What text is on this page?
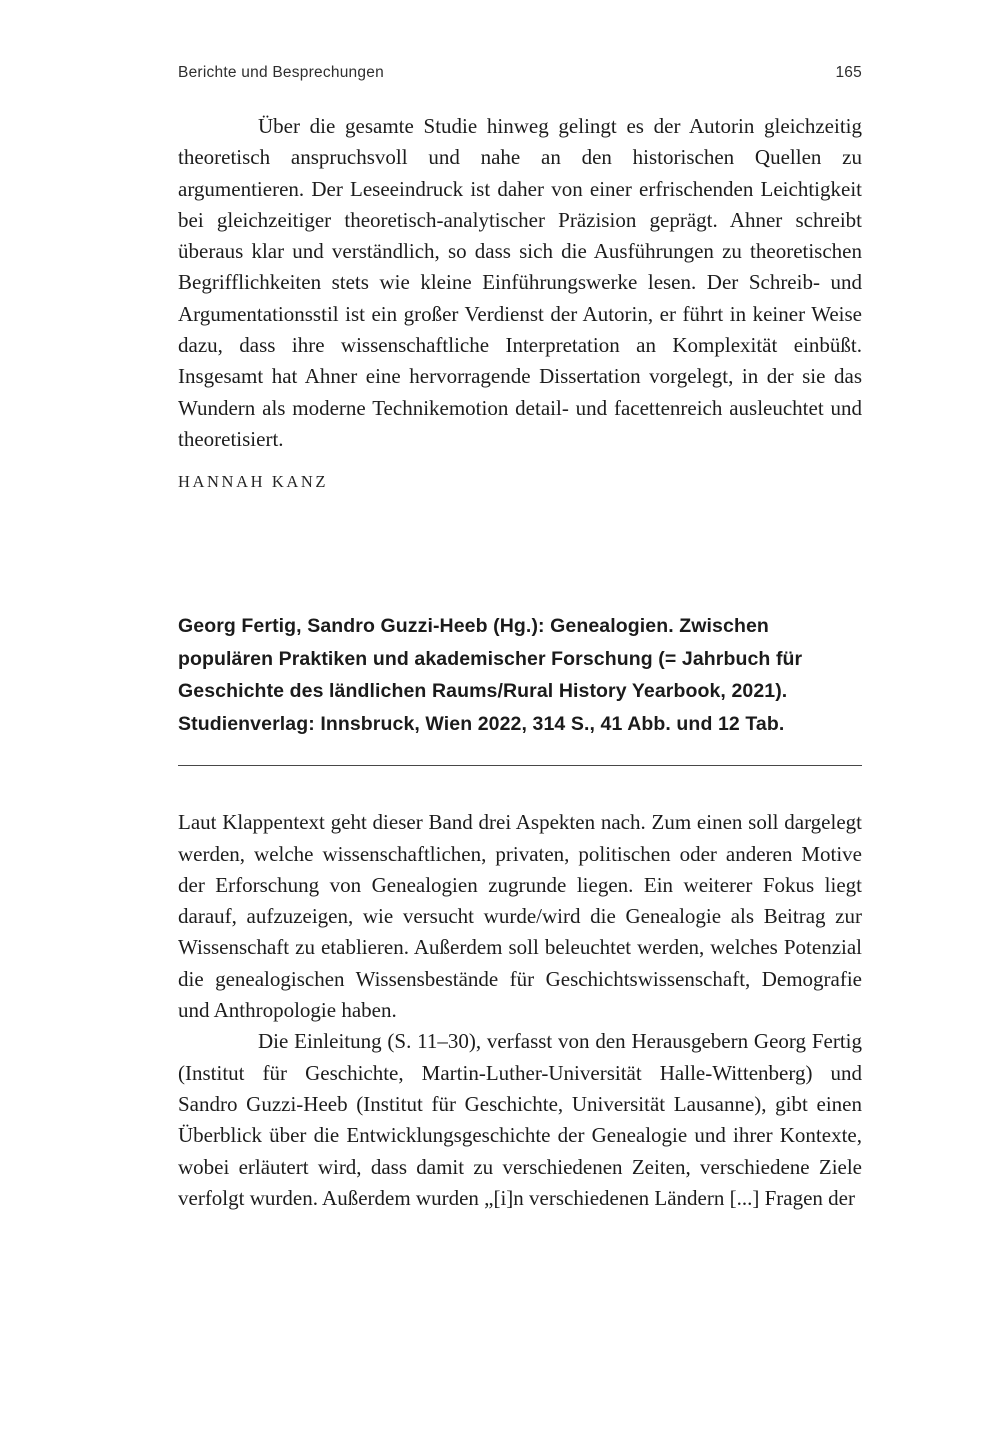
Berichte und Besprechungen	165

Über die gesamte Studie hinweg gelingt es der Autorin gleichzeitig theoretisch anspruchsvoll und nahe an den historischen Quellen zu argumentieren. Der Leseeindruck ist daher von einer erfrischenden Leichtigkeit bei gleichzeitiger theoretisch-analytischer Präzision geprägt. Ahner schreibt überaus klar und verständlich, so dass sich die Ausführungen zu theoretischen Begrifflichkeiten stets wie kleine Einführungswerke lesen. Der Schreib- und Argumentationsstil ist ein großer Verdienst der Autorin, er führt in keiner Weise dazu, dass ihre wissenschaftliche Interpretation an Komplexität einbüßt. Insgesamt hat Ahner eine hervorragende Dissertation vorgelegt, in der sie das Wundern als moderne Technikemotion detail- und facettenreich ausleuchtet und theoretisiert.

HANNAH KANZ

Georg Fertig, Sandro Guzzi-Heeb (Hg.): Genealogien. Zwischen populären Praktiken und akademischer Forschung (= Jahrbuch für Geschichte des ländlichen Raums/Rural History Yearbook, 2021). Studienverlag: Innsbruck, Wien 2022, 314 S., 41 Abb. und 12 Tab.

Laut Klappentext geht dieser Band drei Aspekten nach. Zum einen soll dargelegt werden, welche wissenschaftlichen, privaten, politischen oder anderen Motive der Erforschung von Genealogien zugrunde liegen. Ein weiterer Fokus liegt darauf, aufzuzeigen, wie versucht wurde/wird die Genealogie als Beitrag zur Wissenschaft zu etablieren. Außerdem soll beleuchtet werden, welches Potenzial die genealogischen Wissensbestände für Geschichtswissenschaft, Demografie und Anthropologie haben.

Die Einleitung (S. 11–30), verfasst von den Herausgebern Georg Fertig (Institut für Geschichte, Martin-Luther-Universität Halle-Wittenberg) und Sandro Guzzi-Heeb (Institut für Geschichte, Universität Lausanne), gibt einen Überblick über die Entwicklungsgeschichte der Genealogie und ihrer Kontexte, wobei erläutert wird, dass damit zu verschiedenen Zeiten, verschiedene Ziele verfolgt wurden. Außerdem wurden „[i]n verschiedenen Ländern [...] Fragen der
